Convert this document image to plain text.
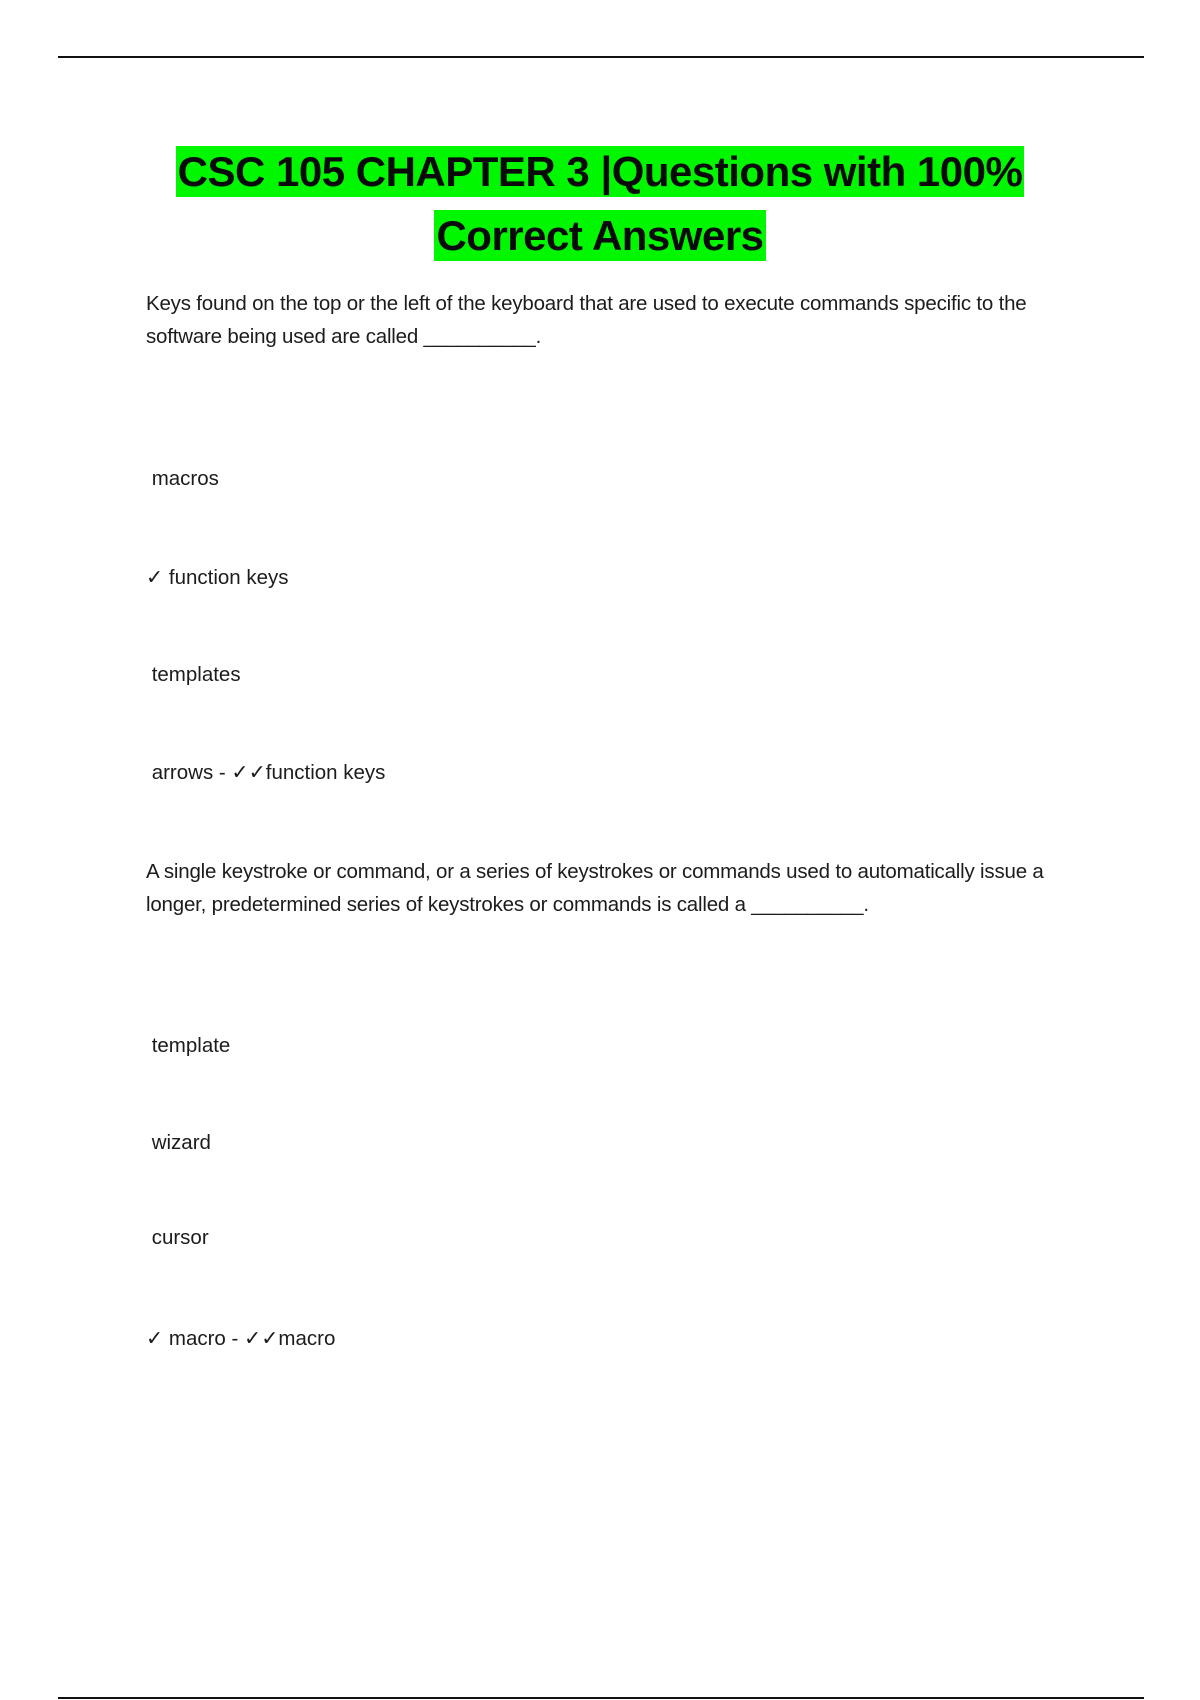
CSC 105 CHAPTER 3 |Questions with 100%
Correct Answers
Keys found on the top or the left of the keyboard that are used to execute commands specific to the software being used are called __________.
macros
✓ function keys
templates
arrows - ✓✓function keys
A single keystroke or command, or a series of keystrokes or commands used to automatically issue a longer, predetermined series of keystrokes or commands is called a __________.
template
wizard
cursor
✓ macro - ✓✓macro
